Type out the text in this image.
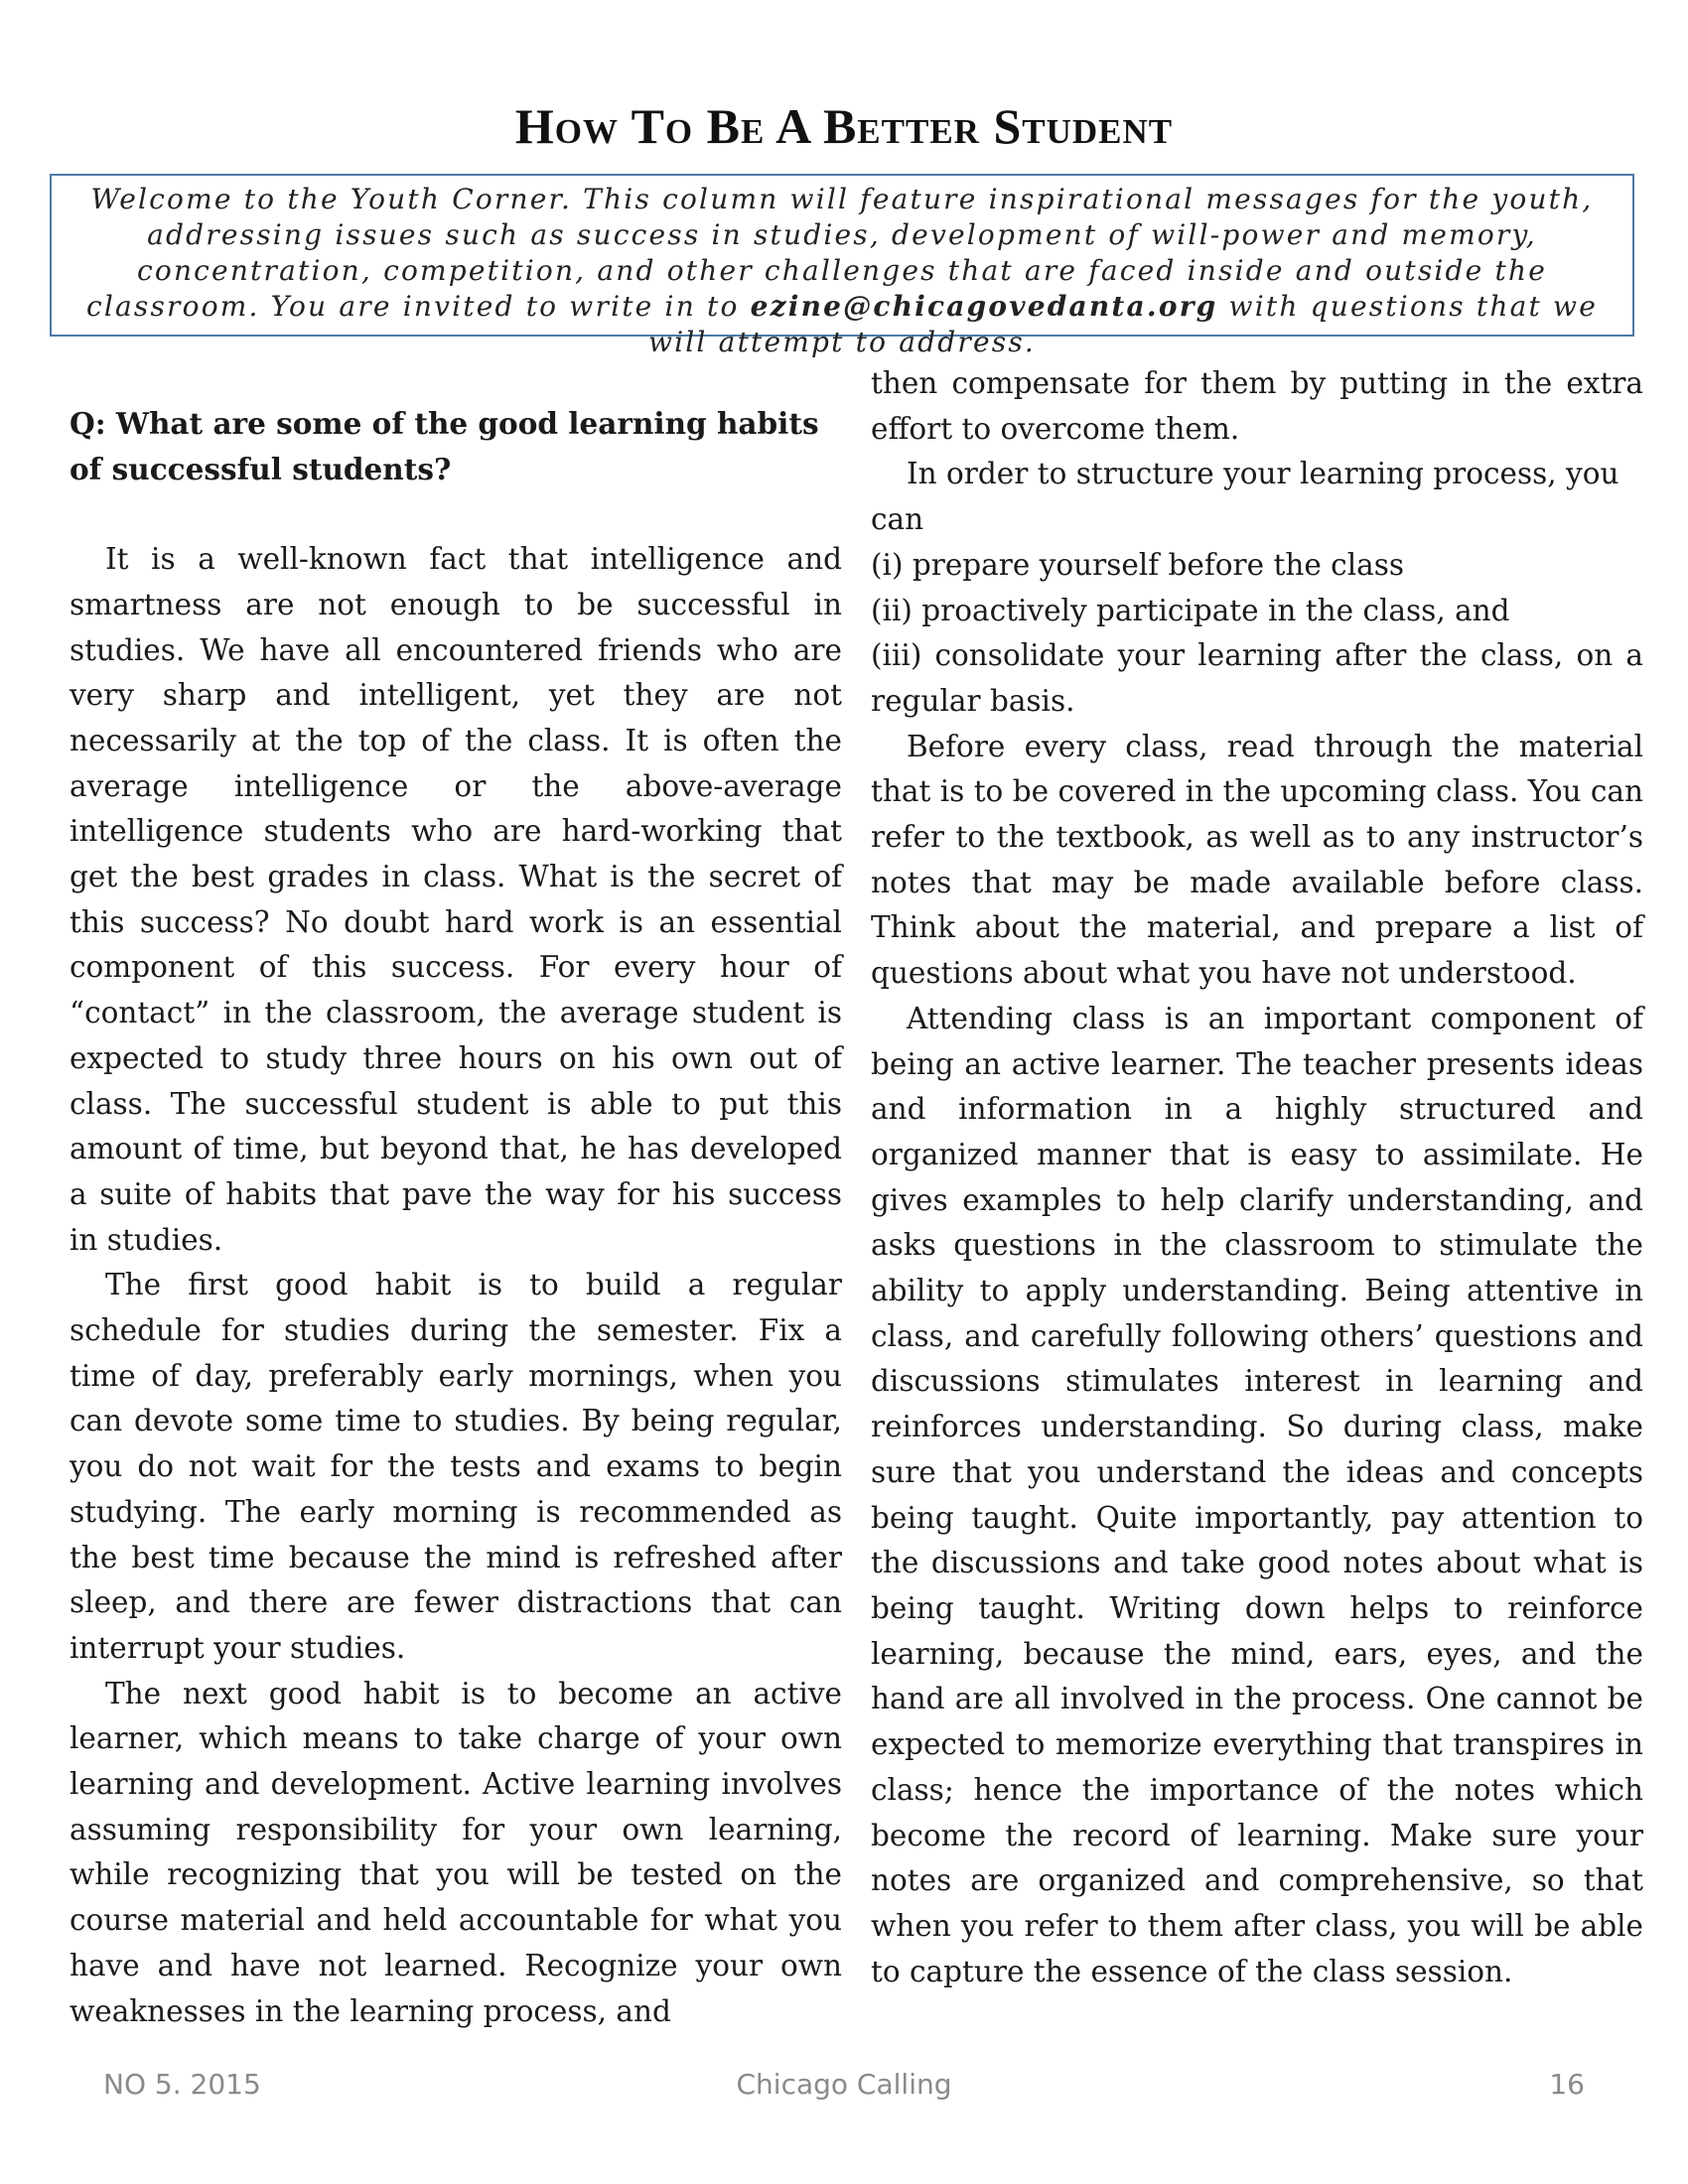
How To Be A Better Student
Welcome to the Youth Corner. This column will feature inspirational messages for the youth, addressing issues such as success in studies, development of will-power and memory, concentration, competition, and other challenges that are faced inside and outside the classroom. You are invited to write in to ezine@chicagovedanta.org with questions that we will attempt to address.

Q: What are some of the good learning habits of successful students?

It is a well-known fact that intelligence and smartness are not enough to be successful in studies. We have all encountered friends who are very sharp and intelligent, yet they are not necessarily at the top of the class. It is often the average intelligence or the above-average intelligence students who are hard-working that get the best grades in class. What is the secret of this success? No doubt hard work is an essential component of this success. For every hour of “contact” in the classroom, the average student is expected to study three hours on his own out of class. The successful student is able to put this amount of time, but beyond that, he has developed a suite of habits that pave the way for his success in studies.

The first good habit is to build a regular schedule for studies during the semester. Fix a time of day, preferably early mornings, when you can devote some time to studies. By being regular, you do not wait for the tests and exams to begin studying. The early morning is recommended as the best time because the mind is refreshed after sleep, and there are fewer distractions that can interrupt your studies.

The next good habit is to become an active learner, which means to take charge of your own learning and development. Active learning involves assuming responsibility for your own learning, while recognizing that you will be tested on the course material and held accountable for what you have and have not learned. Recognize your own weaknesses in the learning process, and

then compensate for them by putting in the extra effort to overcome them.

In order to structure your learning process, you can

(i) prepare yourself before the class

(ii) proactively participate in the class, and

(iii) consolidate your learning after the class, on a regular basis.

Before every class, read through the material that is to be covered in the upcoming class. You can refer to the textbook, as well as to any instructor’s notes that may be made available before class. Think about the material, and prepare a list of questions about what you have not understood.

Attending class is an important component of being an active learner. The teacher presents ideas and information in a highly structured and organized manner that is easy to assimilate. He gives examples to help clarify understanding, and asks questions in the classroom to stimulate the ability to apply understanding. Being attentive in class, and carefully following others’ questions and discussions stimulates interest in learning and reinforces understanding. So during class, make sure that you understand the ideas and concepts being taught. Quite importantly, pay attention to the discussions and take good notes about what is being taught. Writing down helps to reinforce learning, because the mind, ears, eyes, and the hand are all involved in the process. One cannot be expected to memorize everything that transpires in class; hence the importance of the notes which become the record of learning. Make sure your notes are organized and comprehensive, so that when you refer to them after class, you will be able to capture the essence of the class session.

NO 5. 2015	Chicago Calling	16
